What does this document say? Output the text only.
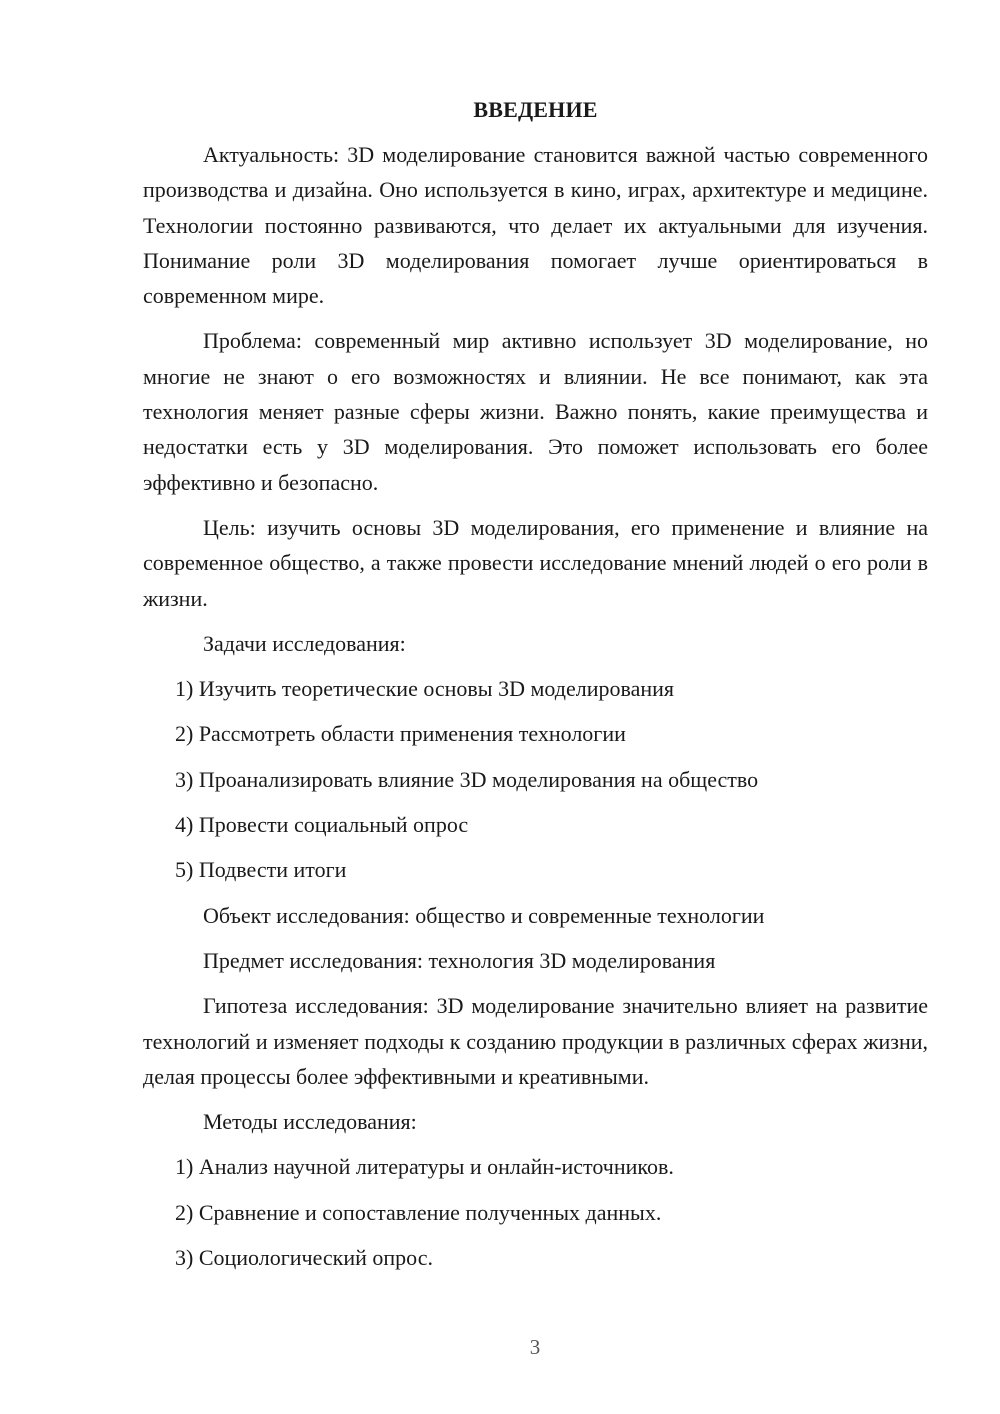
ВВЕДЕНИЕ

Актуальность: 3D моделирование становится важной частью современного производства и дизайна. Оно используется в кино, играх, архитектуре и медицине. Технологии постоянно развиваются, что делает их актуальными для изучения. Понимание роли 3D моделирования помогает лучше ориентироваться в современном мире.

Проблема: современный мир активно использует 3D моделирование, но многие не знают о его возможностях и влиянии. Не все понимают, как эта технология меняет разные сферы жизни. Важно понять, какие преимущества и недостатки есть у 3D моделирования. Это поможет использовать его более эффективно и безопасно.

Цель: изучить основы 3D моделирования, его применение и влияние на современное общество, а также провести исследование мнений людей о его роли в жизни.

Задачи исследования:

1) Изучить теоретические основы 3D моделирования

2) Рассмотреть области применения технологии

3) Проанализировать влияние 3D моделирования на общество

4) Провести социальный опрос

5) Подвести итоги

Объект исследования: общество и современные технологии

Предмет исследования: технология 3D моделирования

Гипотеза исследования: 3D моделирование значительно влияет на развитие технологий и изменяет подходы к созданию продукции в различных сферах жизни, делая процессы более эффективными и креативными.

Методы исследования:

1) Анализ научной литературы и онлайн-источников.

2) Сравнение и сопоставление полученных данных.

3) Социологический опрос.

3
